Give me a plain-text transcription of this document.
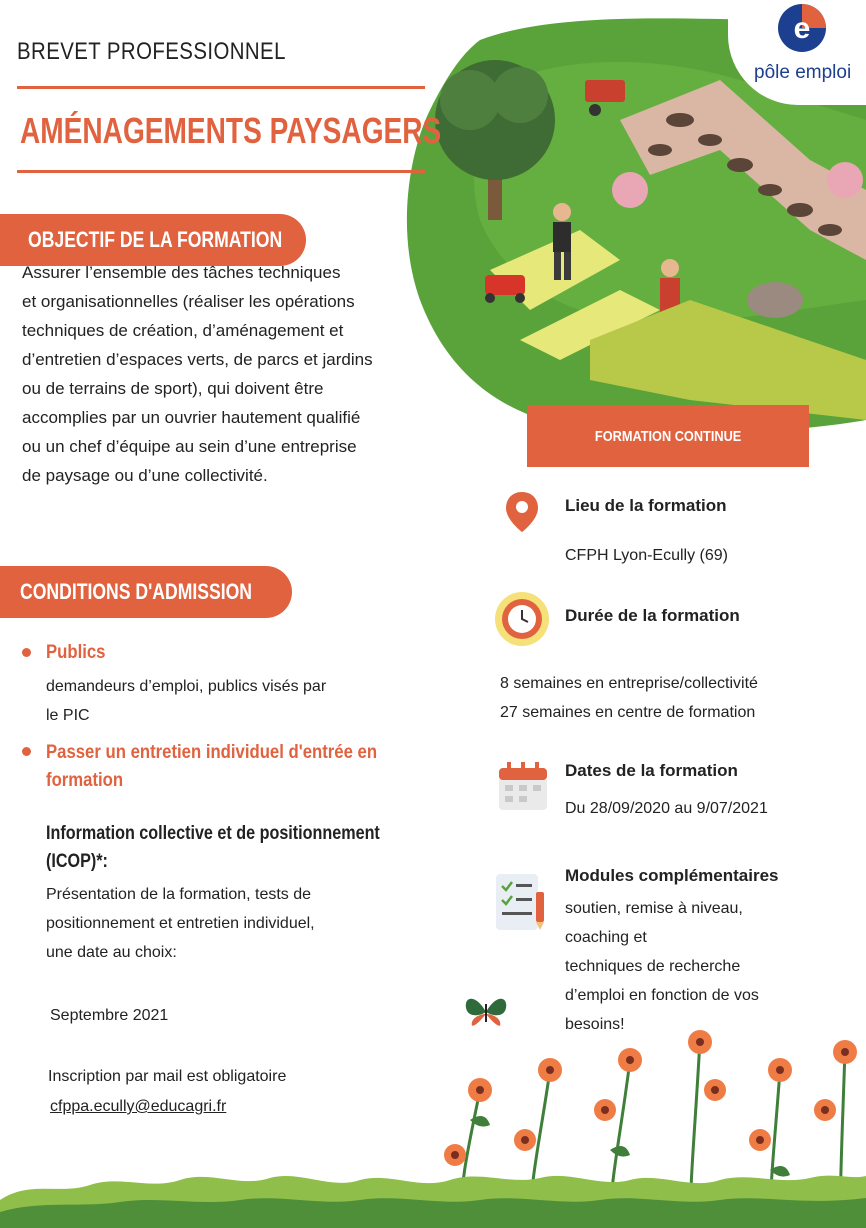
e
pôle emploi
BREVET PROFESSIONNEL
AMÉNAGEMENTS PAYSAGERS
OBJECTIF DE LA FORMATION
Assurer l’ensemble des tâches techniques
et organisationnelles (réaliser les opérations
techniques de création, d’aménagement et
d’entretien d’espaces verts, de parcs et jardins
ou de terrains de sport), qui doivent être
accomplies par un ouvrier hautement qualifié
ou un chef d’équipe au sein d’une entreprise
de paysage ou d’une collectivité.
CONDITIONS D'ADMISSION
Publics
demandeurs d’emploi, publics visés par
le PIC
Passer un entretien individuel d'entrée en
formation
Information collective et de positionnement
(ICOP)*:
Présentation de la formation, tests de
positionnement et entretien individuel,
une date au choix:
Septembre 2021
Inscription par mail est obligatoire
cfppa.ecully@educagri.fr
FORMATION CONTINUE
Lieu de la formation
CFPH Lyon-Ecully (69)
Durée de la formation
8 semaines en entreprise/collectivité
27 semaines en centre de formation
Dates de la formation
Du 28/09/2020 au 9/07/2021
Modules complémentaires
soutien, remise à niveau,
coaching et
techniques de recherche
d’emploi en fonction de vos
besoins!
